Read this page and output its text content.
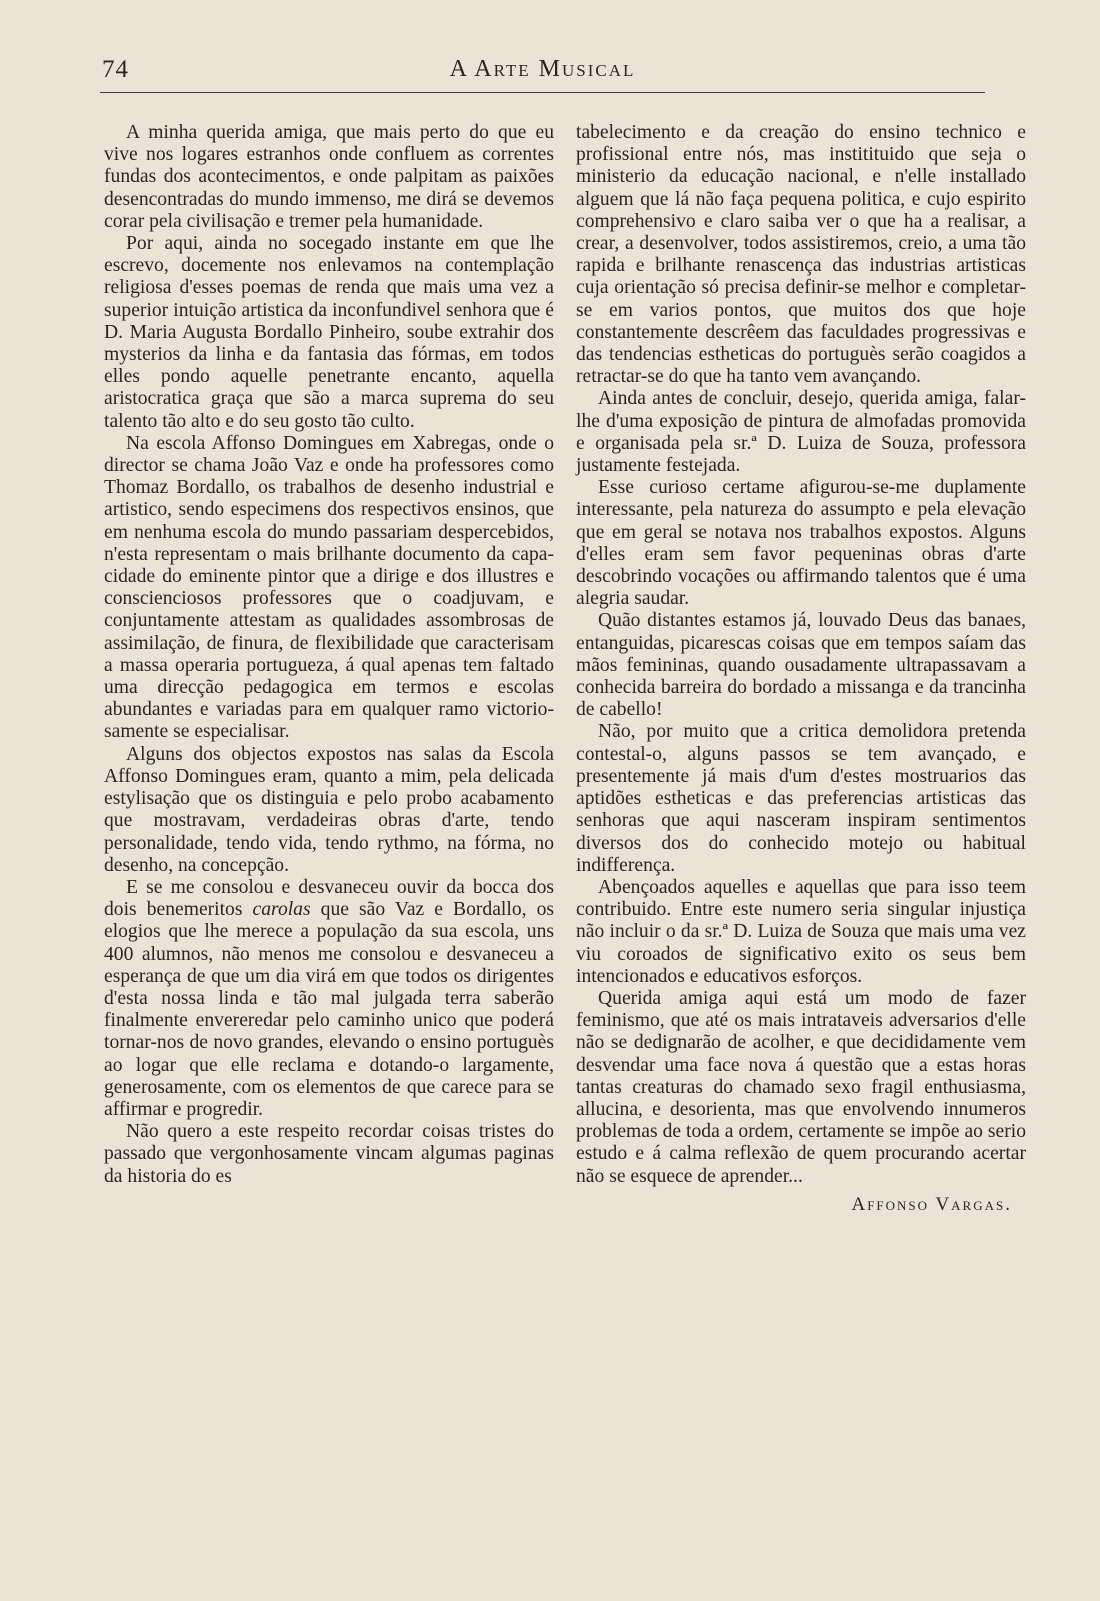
74	A Arte Musical

A minha querida amiga, que mais perto do que eu vive nos logares estranhos onde confluem as correntes fundas dos acontecimentos, e onde palpitam as paixões desencontradas do mundo immenso, me dirá se devemos corar pela civilisação e tremer pela humanidade.

Por aqui, ainda no socegado instante em que lhe escrevo, docemente nos enlevamos na contemplação religiosa d'esses poemas de renda que mais uma vez a superior intuição artistica da inconfundivel senhora que é D. Maria Augusta Bordallo Pinheiro, soube extrahir dos mysterios da linha e da fantasia das fórmas, em todos elles pondo aquelle penetrante encanto, aquella aristocratica graça que são a marca suprema do seu talento tão alto e do seu gosto tão culto.

Na escola Affonso Domingues em Xabregas, onde o director se chama João Vaz e onde ha professores como Thomaz Bordallo, os trabalhos de desenho industrial e artistico, sendo especimens dos respectivos ensinos, que em nenhuma escola do mundo passariam despercebidos, n'esta representam o mais brilhante documento da capacidade do eminente pintor que a dirige e dos illustres e conscienciosos professores que o coadjuvam, e conjuntamente attestam as qualidades assombrosas de assimilação, de finura, de flexibilidade que caracterisam a massa operaria portugueza, á qual apenas tem faltado uma direcção pedagogica em termos e escolas abundantes e variadas para em qualquer ramo victoriosamente se especialisar.

Alguns dos objectos expostos nas salas da Escola Affonso Domingues eram, quanto a mim, pela delicada estylisação que os distinguia e pelo probo acabamento que mostravam, verdadeiras obras d'arte, tendo personalidade, tendo vida, tendo rythmo, na fórma, no desenho, na concepção.

E se me consolou e desvaneceu ouvir da bocca dos dois benemeritos carolas que são Vaz e Bordallo, os elogios que lhe merece a população da sua escola, uns 400 alumnos, não menos me consolou e desvaneceu a esperança de que um dia virá em que todos os dirigentes d'esta nossa linda e tão mal julgada terra saberão finalmente envereredar pelo caminho unico que poderá tornar-nos de novo grandes, elevando o ensino portuguès ao logar que elle reclama e dotando-o largamente, generosamente, com os elementos de que carece para se affirmar e progredir.

Não quero a este respeito recordar coisas tristes do passado que vergonhosamente vincam algumas paginas da historia do es

tabelecimento e da creação do ensino technico e profissional entre nós, mas institituido que seja o ministerio da educação nacional, e n'elle installado alguem que lá não faça pequena politica, e cujo espirito comprehensivo e claro saiba ver o que ha a realisar, a crear, a desenvolver, todos assistiremos, creio, a uma tão rapida e brilhante renascença das industrias artisticas cuja orientação só precisa definir-se melhor e completar-se em varios pontos, que muitos dos que hoje constantemente descrêem das faculdades progressivas e das tendencias estheticas do portuguès serão coagidos a retractar-se do que ha tanto vem avançando.

Ainda antes de concluir, desejo, querida amiga, falar-lhe d'uma exposição de pintura de almofadas promovida e organisada pela sr.ª D. Luiza de Souza, professora justamente festejada.

Esse curioso certame afigurou-se-me duplamente interessante, pela natureza do assumpto e pela elevação que em geral se notava nos trabalhos expostos. Alguns d'elles eram sem favor pequeninas obras d'arte descobrindo vocações ou affirmando talentos que é uma alegria saudar.

Quão distantes estamos já, louvado Deus das banaes, entanguidas, picarescas coisas que em tempos saíam das mãos femininas, quando ousadamente ultrapassavam a conhecida barreira do bordado a missanga e da trancinha de cabello!

Não, por muito que a critica demolidora pretenda contestal-o, alguns passos se tem avançado, e presentemente já mais d'um d'estes mostruarios das aptidões estheticas e das preferencias artisticas das senhoras que aqui nasceram inspiram sentimentos diversos dos do conhecido motejo ou habitual indifferença.

Abençoados aquelles e aquellas que para isso teem contribuido. Entre este numero seria singular injustiça não incluir o da sr.ª D. Luiza de Souza que mais uma vez viu coroados de significativo exito os seus bem intencionados e educativos esforços.

Querida amiga aqui está um modo de fazer feminismo, que até os mais intrataveis adversarios d'elle não se dedignarão de acolher, e que decididamente vem desvendar uma face nova á questão que a estas horas tantas creaturas do chamado sexo fragil enthusiasma, allucina, e desorienta, mas que envolvendo innumeros problemas de toda a ordem, certamente se impõe ao serio estudo e á calma reflexão de quem procurando acertar não se esquece de aprender...

Affonso Vargas.
